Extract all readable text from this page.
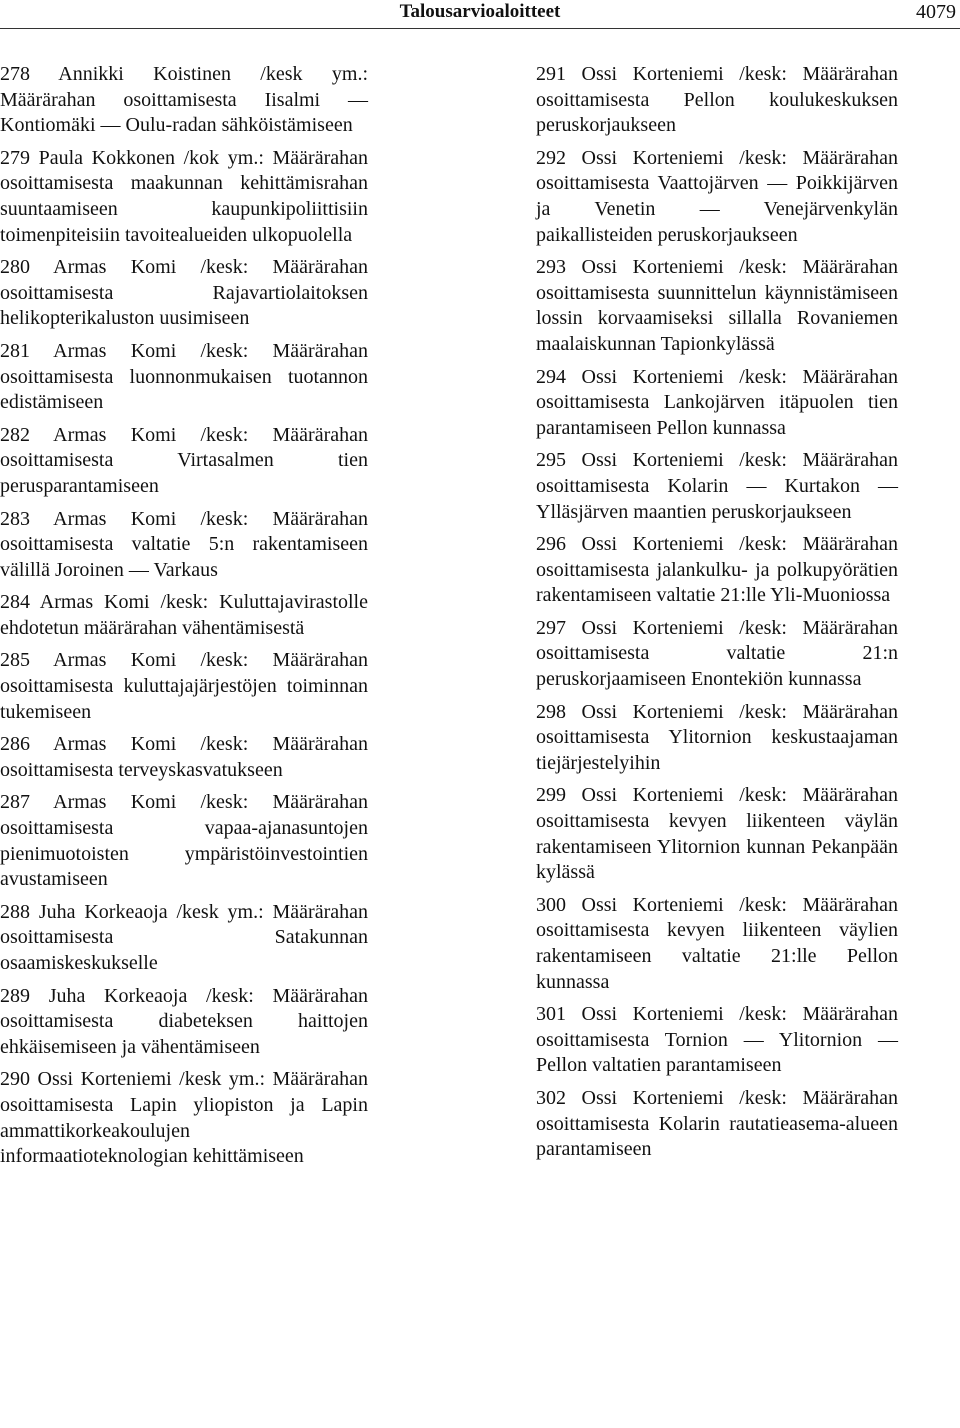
Talousarvioaloitteet	4079

278 Annikki Koistinen /kesk ym.: Määrärahan osoittamisesta Iisalmi — Kontiomäki — Oulu-radan sähköistämiseen

279 Paula Kokkonen /kok ym.: Määrärahan osoittamisesta maakunnan kehittämisrahan suuntaamiseen kaupunkipoliittisiin toimenpiteisiin tavoitealueiden ulkopuolella

280 Armas Komi /kesk: Määrärahan osoittamisesta Rajavartiolaitoksen helikopterikaluston uusimiseen

281 Armas Komi /kesk: Määrärahan osoittamisesta luonnonmukaisen tuotannon edistämiseen

282 Armas Komi /kesk: Määrärahan osoittamisesta Virtasalmen tien perusparantamiseen

283 Armas Komi /kesk: Määrärahan osoittamisesta valtatie 5:n rakentamiseen välillä Joroinen — Varkaus

284 Armas Komi /kesk: Kuluttajavirastolle ehdotetun määrärahan vähentämisestä

285 Armas Komi /kesk: Määrärahan osoittamisesta kuluttajajärjestöjen toiminnan tukemiseen

286 Armas Komi /kesk: Määrärahan osoittamisesta terveyskasvatukseen

287 Armas Komi /kesk: Määrärahan osoittamisesta vapaa-ajanasuntojen pienimuotoisten ympäristöinvestointien avustamiseen

288 Juha Korkeaoja /kesk ym.: Määrärahan osoittamisesta Satakunnan osaamiskeskukselle

289 Juha Korkeaoja /kesk: Määrärahan osoittamisesta diabeteksen haittojen ehkäisemiseen ja vähentämiseen

290 Ossi Korteniemi /kesk ym.: Määrärahan osoittamisesta Lapin yliopiston ja Lapin ammattikorkeakoulujen informaatioteknologian kehittämiseen

291 Ossi Korteniemi /kesk: Määrärahan osoittamisesta Pellon koulukeskuksen peruskorjaukseen

292 Ossi Korteniemi /kesk: Määrärahan osoittamisesta Vaattojärven — Poikkijärven ja Venetin — Venejärvenkylän paikallisteiden peruskorjaukseen

293 Ossi Korteniemi /kesk: Määrärahan osoittamisesta suunnittelun käynnistämiseen lossin korvaamiseksi sillalla Rovaniemen maalaiskunnan Tapionkylässä

294 Ossi Korteniemi /kesk: Määrärahan osoittamisesta Lankojärven itäpuolen tien parantamiseen Pellon kunnassa

295 Ossi Korteniemi /kesk: Määrärahan osoittamisesta Kolarin — Kurtakon — Ylläsjärven maantien peruskorjaukseen

296 Ossi Korteniemi /kesk: Määrärahan osoittamisesta jalankulku- ja polkupyörätien rakentamiseen valtatie 21:lle Yli-Muoniossa

297 Ossi Korteniemi /kesk: Määrärahan osoittamisesta valtatie 21:n peruskorjaamiseen Enontekiön kunnassa

298 Ossi Korteniemi /kesk: Määrärahan osoittamisesta Ylitornion keskustaajaman tiejärjestelyihin

299 Ossi Korteniemi /kesk: Määrärahan osoittamisesta kevyen liikenteen väylän rakentamiseen Ylitornion kunnan Pekanpään kylässä

300 Ossi Korteniemi /kesk: Määrärahan osoittamisesta kevyen liikenteen väylien rakentamiseen valtatie 21:lle Pellon kunnassa

301 Ossi Korteniemi /kesk: Määrärahan osoittamisesta Tornion — Ylitornion — Pellon valtatien parantamiseen

302 Ossi Korteniemi /kesk: Määrärahan osoittamisesta Kolarin rautatieasema-alueen parantamiseen
